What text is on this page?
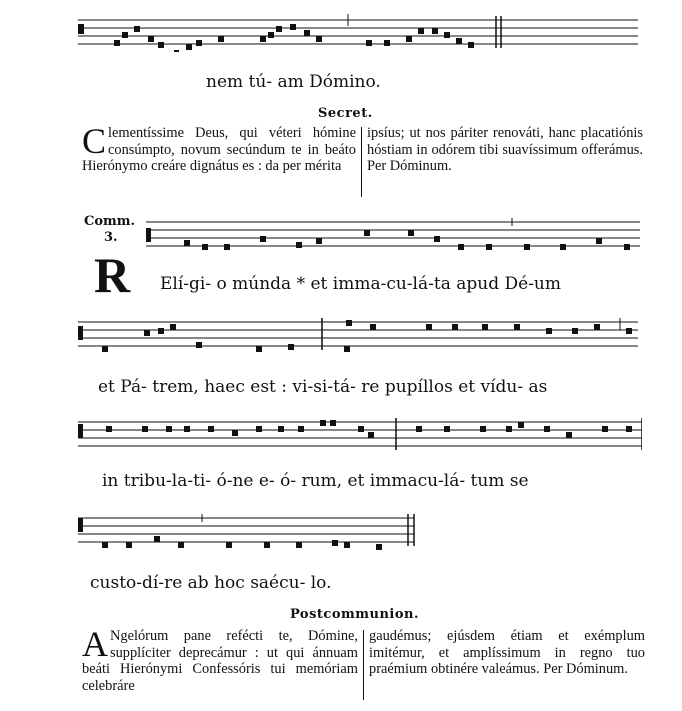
nem tú- am Dómino.
Secret.
Clementíssime Deus, qui véteri hómine consúmpto, novum secúndum te in beáto Hierónymo creáre dignátus es : da per mérita
ipsíus; ut nos páriter renováti, hanc placatiónis hóstiam in odórem tibi suavíssimum offerámus. Per Dóminum.
Comm.
3.
R Elí-gi- o múnda * et imma-cu-lá-ta apud Dé-um
et Pá- trem, haec est : vi-si-tá- re pupíllos et vídu- as
in tribu-la-ti- ó-ne e- ó- rum, et immacu-lá- tum se
custo-dí-re ab hoc saécu- lo.
Postcommunion.
A Ngelórum pane reféсti te, Dómine, supplíciter deprecámur : ut qui ánnuam beáti Hierónymi Confessóris tui memóriam celebráre
gaudémus; ejúsdem étiam et exémplum imitémur, et amplíssimum in regno tuo praémium obtinére valeámus. Per Dóminum.
